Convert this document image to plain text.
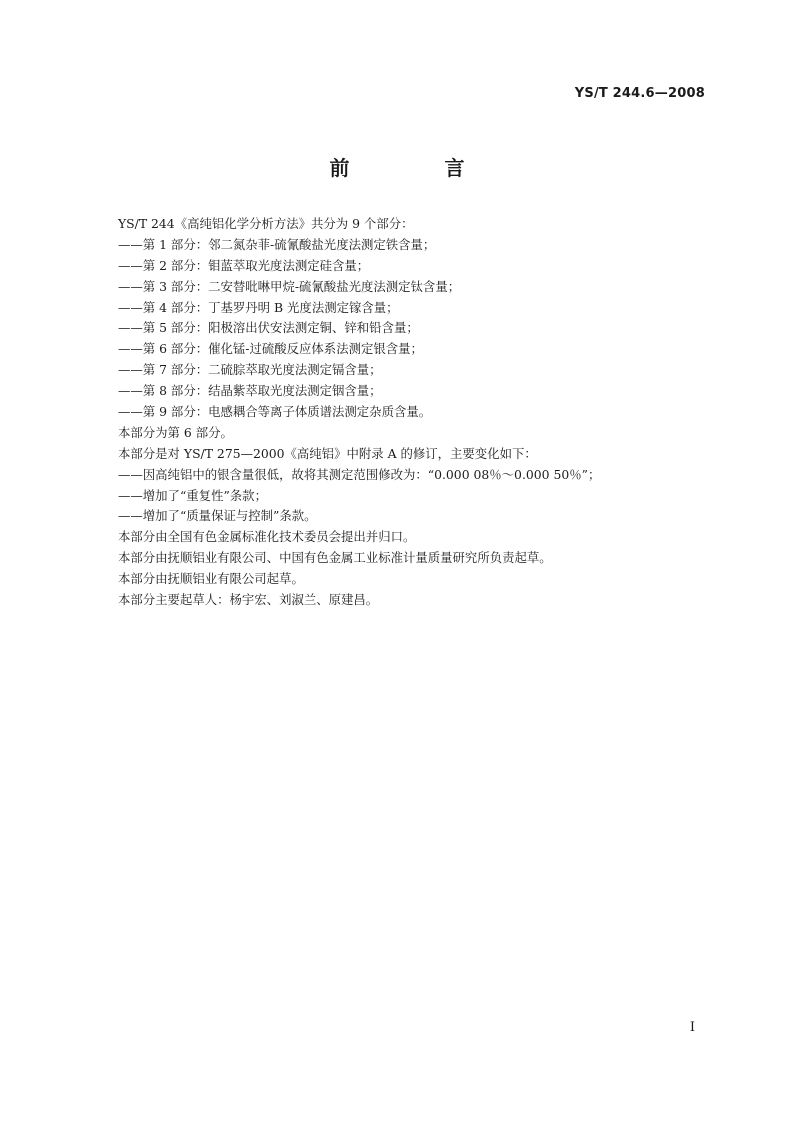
YS/T 244.6—2008
前 言
YS/T 244《高纯铝化学分析方法》共分为 9 个部分：
——第 1 部分：邻二氮杂菲-硫氰酸盐光度法测定铁含量；
——第 2 部分：钼蓝萃取光度法测定硅含量；
——第 3 部分：二安替吡啉甲烷-硫氰酸盐光度法测定钛含量；
——第 4 部分：丁基罗丹明 B 光度法测定镓含量；
——第 5 部分：阳极溶出伏安法测定铜、锌和铅含量；
——第 6 部分：催化锰-过硫酸反应体系法测定银含量；
——第 7 部分：二硫腙萃取光度法测定镉含量；
——第 8 部分：结晶紫萃取光度法测定铟含量；
——第 9 部分：电感耦合等离子体质谱法测定杂质含量。
本部分为第 6 部分。
本部分是对 YS/T 275—2000《高纯铝》中附录 A 的修订，主要变化如下：
——因高纯铝中的银含量很低，故将其测定范围修改为：“0.000 08％～0.000 50％”；
——增加了“重复性”条款；
——增加了“质量保证与控制”条款。
本部分由全国有色金属标准化技术委员会提出并归口。
本部分由抚顺铝业有限公司、中国有色金属工业标准计量质量研究所负责起草。
本部分由抚顺铝业有限公司起草。
本部分主要起草人：杨宇宏、刘淑兰、原建昌。
I
